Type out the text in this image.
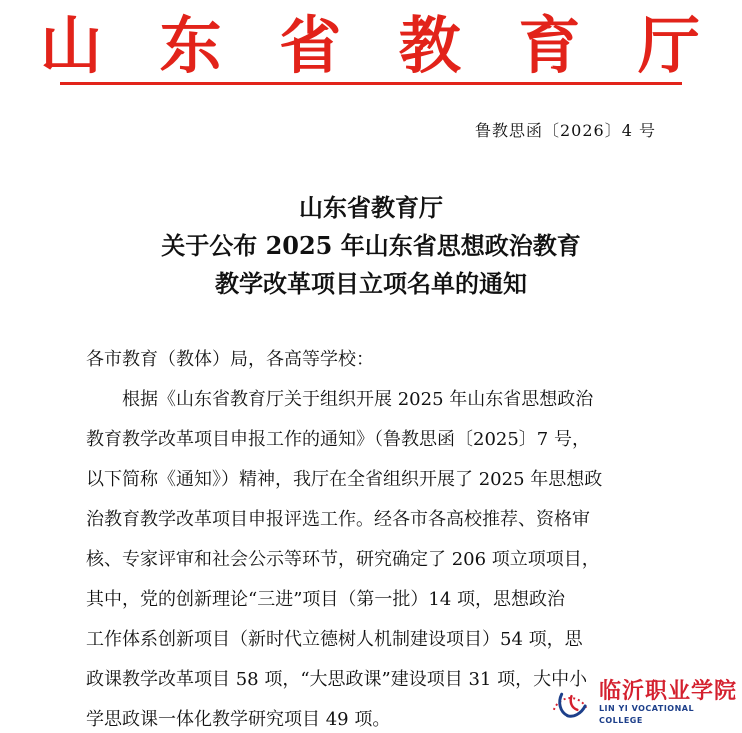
山 东 省 教 育 厅
鲁教思函〔2026〕4 号
山东省教育厅
关于公布 2025 年山东省思想政治教育
教学改革项目立项名单的通知
各市教育（教体）局，各高等学校：
根据《山东省教育厅关于组织开展 2025 年山东省思想政治
教育教学改革项目申报工作的通知》（鲁教思函〔2025〕7 号，
以下简称《通知》）精神，我厅在全省组织开展了 2025 年思想政
治教育教学改革项目申报评选工作。经各市各高校推荐、资格审
核、专家评审和社会公示等环节，研究确定了 206 项立项项目，
其中，党的创新理论“三进”项目（第一批）14 项，思想政治
工作体系创新项目（新时代立德树人机制建设项目）54 项，思
政课教学改革项目 58 项，“大思政课”建设项目 31 项，大中小
学思政课一体化教学研究项目 49 项。
临沂职业学院
LIN YI VOCATIONAL COLLEGE
